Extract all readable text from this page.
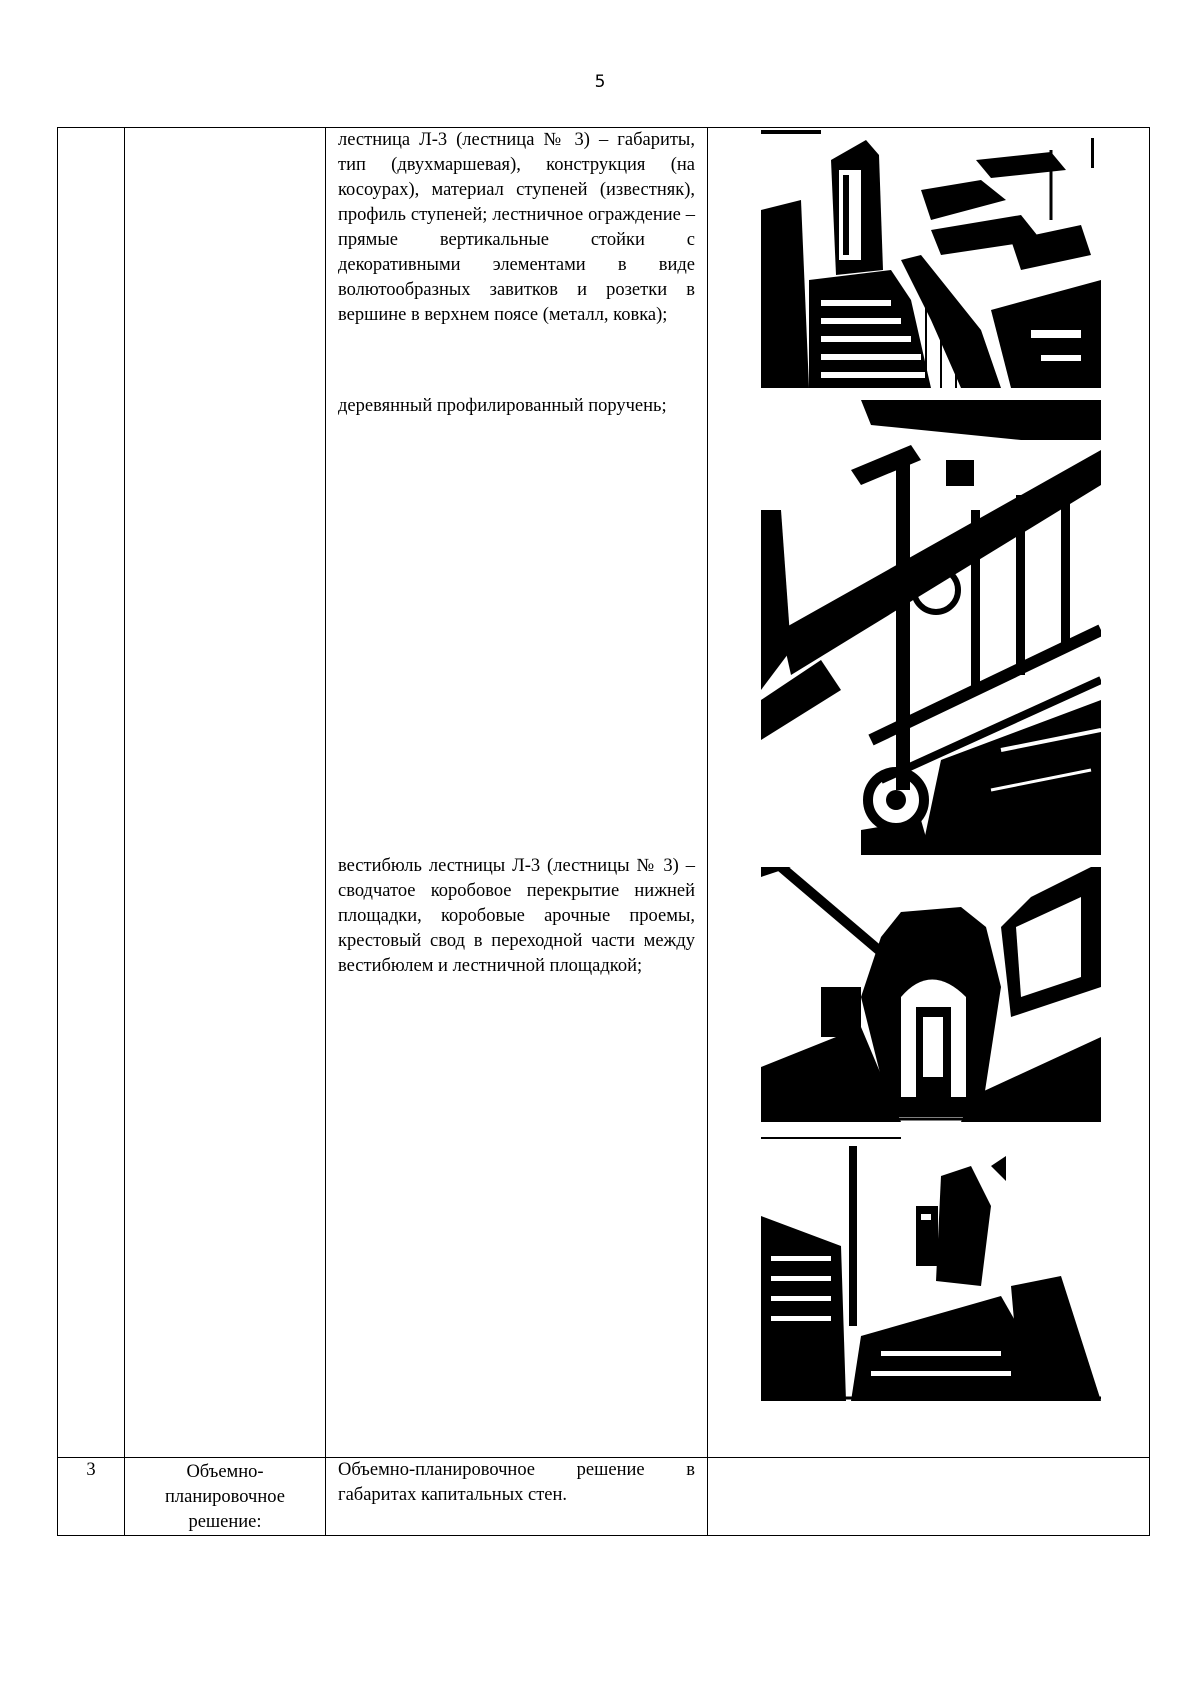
5

		лестница Л-3 (лестница № 3) – габариты, тип (двухмаршевая), конструкция (на косоурах), материал ступеней (известняк), профиль ступеней; лестничное ограждение – прямые вертикальные стойки с декоративными элементами в виде волютообразных завитков и розетки в вершине в верхнем поясе (металл, ковка);

деревянный профилированный поручень;

вестибюль лестницы Л-3 (лестницы № 3) – сводчатое коробовое перекрытие нижней площадки, коробовые арочные проемы, крестовый свод в переходной части между вестибюлем и лестничной площадкой;

3	Объемно-планировочное решение:	Объемно-планировочное решение в габаритах капитальных стен.	
